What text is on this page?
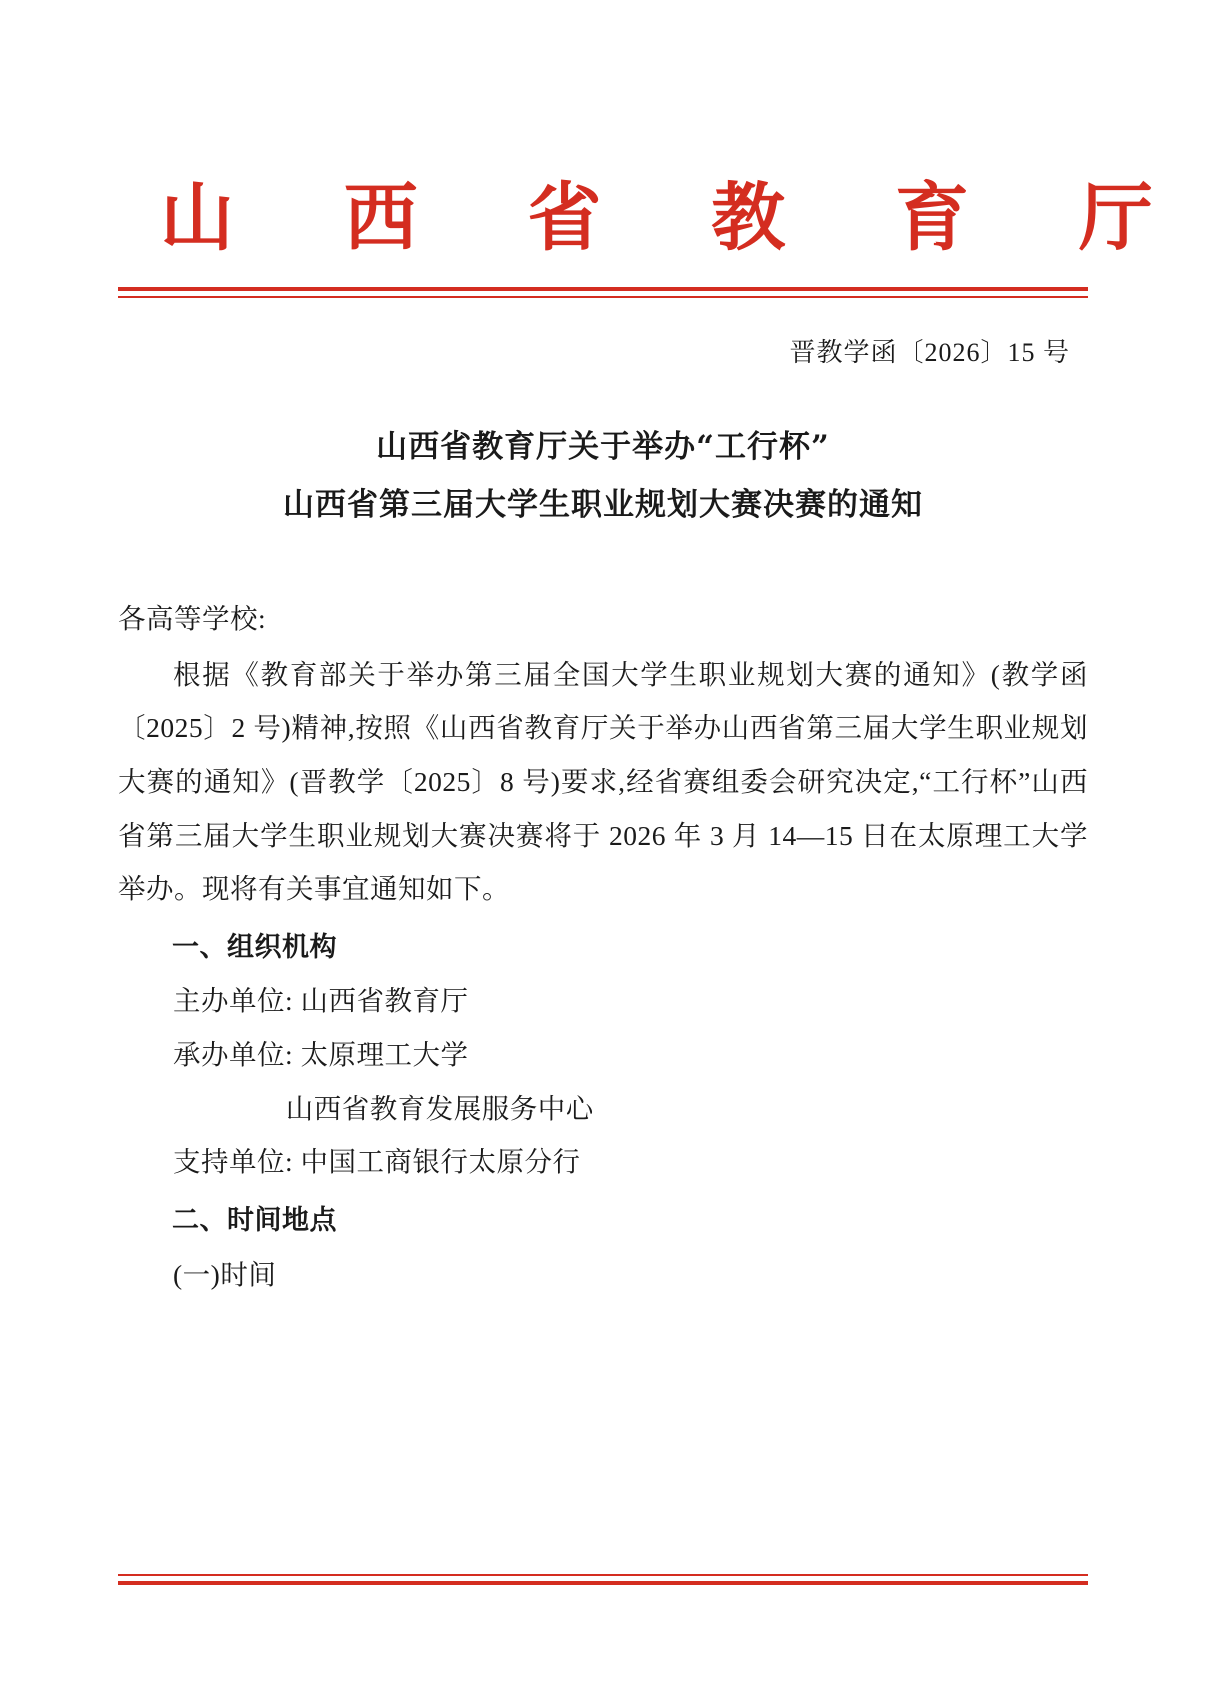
山 西 省 教 育 厅
晋教学函〔2026〕15 号
山西省教育厅关于举办“工行杯”
山西省第三届大学生职业规划大赛决赛的通知
各高等学校:
根据《教育部关于举办第三届全国大学生职业规划大赛的通知》(教学函〔2025〕2 号)精神,按照《山西省教育厅关于举办山西省第三届大学生职业规划大赛的通知》(晋教学〔2025〕8 号)要求,经省赛组委会研究决定,“工行杯”山西省第三届大学生职业规划大赛决赛将于 2026 年 3 月 14—15 日在太原理工大学举办。现将有关事宜通知如下。
一、组织机构
主办单位: 山西省教育厅
承办单位: 太原理工大学
山西省教育发展服务中心
支持单位: 中国工商银行太原分行
二、时间地点
(一)时间
